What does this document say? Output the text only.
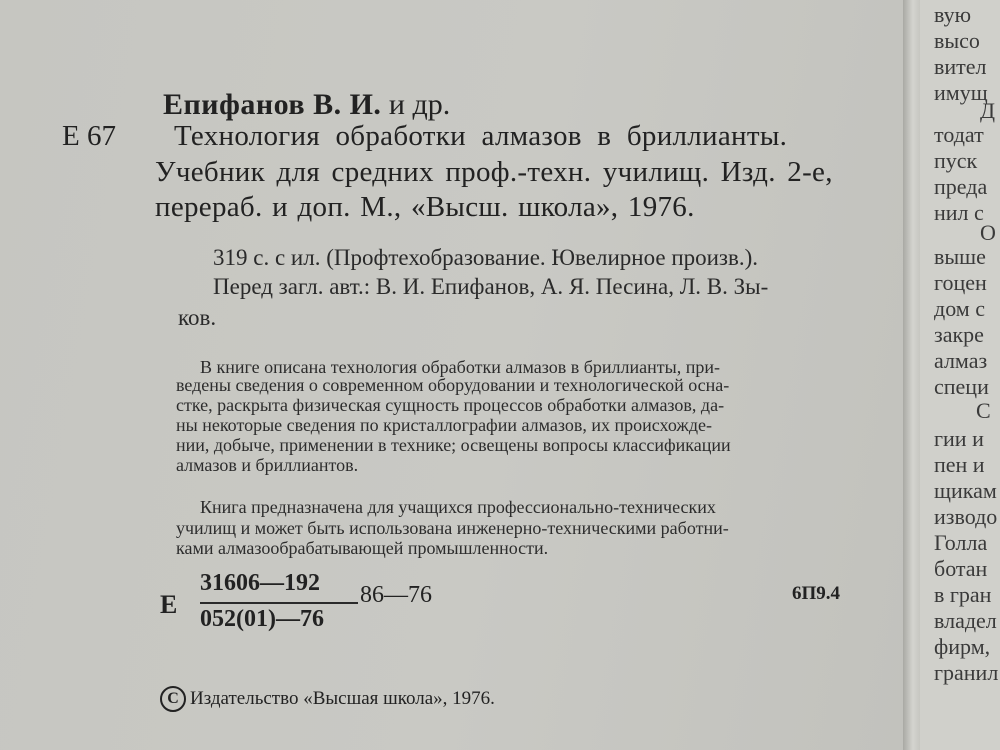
Епифанов В. И. и др.
Е 67 Технология обработки алмазов в бриллианты.
Учебник для средних проф.-техн. училищ. Изд. 2-е,
перераб. и доп. М., «Высш. школа», 1976.
319 с. с ил. (Профтехобразование. Ювелирное произв.).
Перед загл. авт.: В. И. Епифанов, А. Я. Песина, Л. В. Зы-
ков.
В книге описана технология обработки алмазов в бриллианты, при-
ведены сведения о современном оборудовании и технологической оснa-
стке, раскрыта физическая сущность процессов обработки алмазов, да-
ны некоторые сведения по кристаллографии алмазов, их происхожде-
нии, добыче, применении в технике; освещены вопросы классификации
алмазов и бриллиантов.
Книга предназначена для учащихся профессионально-технических
училищ и может быть использована инженерно-техническими работни-
ками алмазообрабатывающей промышленности.
Е
31606—192
052(01)—76
86—76	6П9.4
С Издательство «Высшая школа», 1976.
вую
высо
вител
имущ
Д
тодат
пуск
преда
нил с
О
выше
гоцен
дом с
закре
алмаз
специ
С
гии и
пен и
щикам
изводо
Голла
ботан
в гран
владел
фирм,
гранил
